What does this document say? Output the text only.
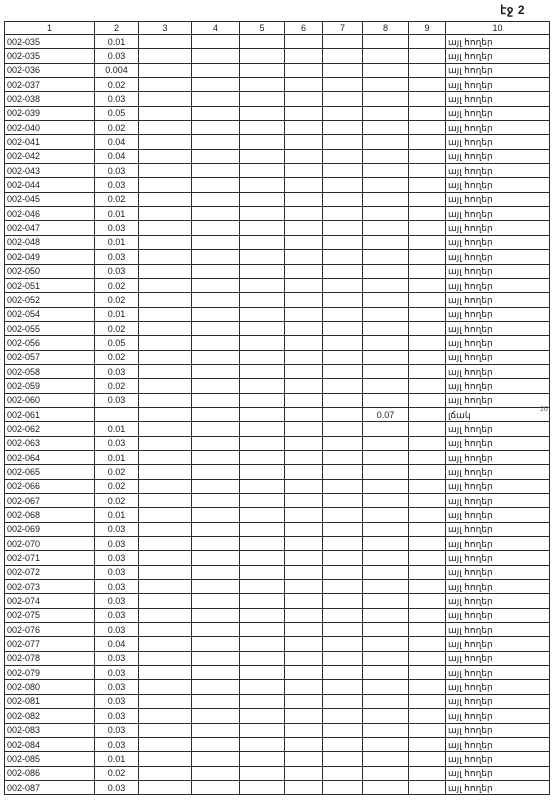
էջ 2
1	2	3	4	5	6	7	8	9	10
002-035	0.01								այլ հողեր
002-035	0.03								այլ հողեր
002-036	0.004								այլ հողեր
002-037	0.02								այլ հողեր
002-038	0.03								այլ հողեր
002-039	0.05								այլ հողեր
002-040	0.02								այլ հողեր
002-041	0.04								այլ հողեր
002-042	0.04								այլ հողեր
002-043	0.03								այլ հողեր
002-044	0.03								այլ հողեր
002-045	0.02								այլ հողեր
002-046	0.01								այլ հողեր
002-047	0.03								այլ հողեր
002-048	0.01								այլ հողեր
002-049	0.03								այլ հողեր
002-050	0.03								այլ հողեր
002-051	0.02								այլ հողեր
002-052	0.02								այլ հողեր
002-054	0.01								այլ հողեր
002-055	0.02								այլ հողեր
002-056	0.05								այլ հողեր
002-057	0.02								այլ հողեր
002-058	0.03								այլ հողեր
002-059	0.02								այլ հողեր
002-060	0.03								այլ հողեր
002-061							0.07		լճակ
002-062	0.01								այլ հողեր
002-063	0.03								այլ հողեր
002-064	0.01								այլ հողեր
002-065	0.02								այլ հողեր
002-066	0.02								այլ հողեր
002-067	0.02								այլ հողեր
002-068	0.01								այլ հողեր
002-069	0.03								այլ հողեր
002-070	0.03								այլ հողեր
002-071	0.03								այլ հողեր
002-072	0.03								այլ հողեր
002-073	0.03								այլ հողեր
002-074	0.03								այլ հողեր
002-075	0.03								այլ հողեր
002-076	0.03								այլ հողեր
002-077	0.04								այլ հողեր
002-078	0.03								այլ հողեր
002-079	0.03								այլ հողեր
002-080	0.03								այլ հողեր
002-081	0.03								այլ հողեր
002-082	0.03								այլ հողեր
002-083	0.03								այլ հողեր
002-084	0.03								այլ հողեր
002-085	0.01								այլ հողեր
002-086	0.02								այլ հողեր
002-087	0.03								այլ հողեր
10
